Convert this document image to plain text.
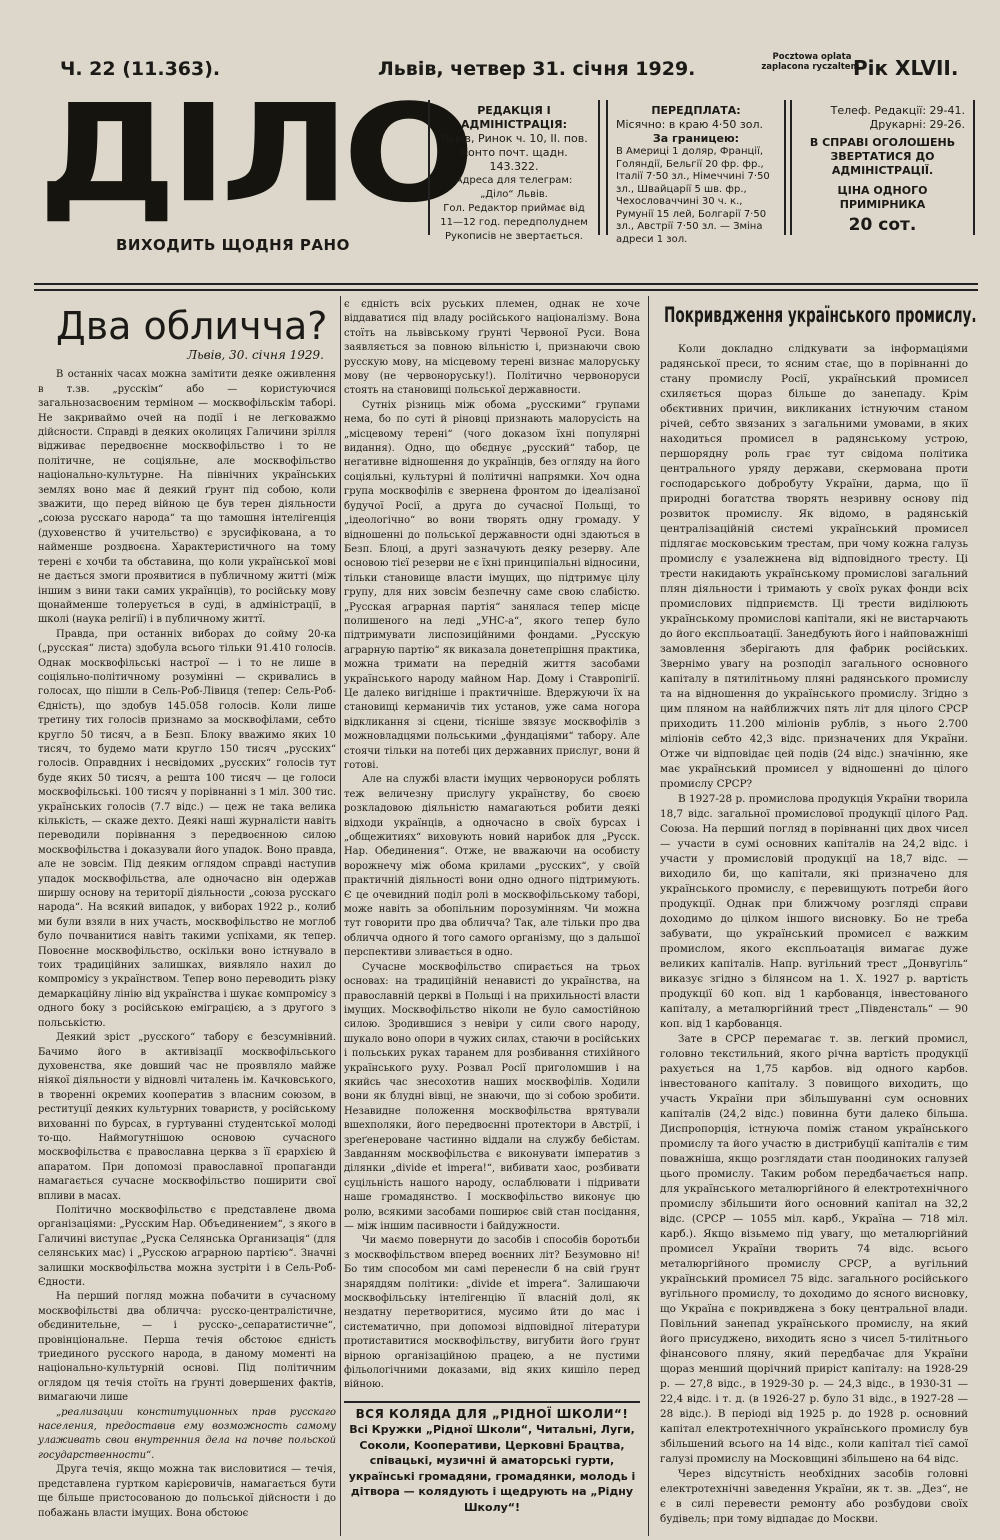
Ч. 22 (11.363).	Львів, четвер 31. січня 1929.
Pocztowa oplata zaplacona ryczaltem.
Рік XLVII.
ДІЛО
ВИХОДИТЬ ЩОДНЯ РАНО
РЕДАКЦІЯ І АДМІНІСТРАЦІЯ:
Львів, Ринок ч. 10, II. пов.
Конто почт. щадн. 143.322.
Адреса для телеграм: „Діло“ Львів.
Гол. Редактор приймає від 11—12 год. передполуднем
Рукописів не звертається.
ПЕРЕДПЛАТА:
Місячно: в краю 4·50 зол.
За границею:
В Америці 1 доляр, Франції, Голяндії, Бельгії 20 фр. фр., Італії 7·50 зл., Німеччині 7·50 зл., Швайцарії 5 шв. фр., Чехословаччині 30 ч. к., Румунії 15 лей, Болгарії 7·50 зл., Австрії 7·50 зл. — Зміна адреси 1 зол.
Телеф. Редакції: 29-41.
Друкарні: 29-26.
В СПРАВІ ОГОЛОШЕНЬ ЗВЕРТАТИСЯ ДО АДМІНІСТРАЦІЇ.
ЦІНА ОДНОГО ПРИМІРНИКА
20 сот.
Два обличча?
Львів, 30. січня 1929.

В останніх часах можна замітити деяке оживлення в т.зв. „русскім“ або — користуючися загальнозасвоєним терміном — москвофільскім таборі. Не закриваймо очей на події і не легковажмо дійсности. Справді в деяких околицях Галичини зрілля відживає передвоєнне москвофільство і то не політичне, не соціяльне, але москвофільство національно-культурне. На північних українських землях воно має й деякий ґрунт під собою, коли зважити, що перед війною це був терен діяльности „союза русскаго народа“ та що тамошня інтелігенція (духовенство й учительство) є зрусифікована, а то найменше роздвоєна. Характеристичного на тому терені є хочби та обставина, що коли української мові не дається змоги проявитися в публичному житті (між іншим з вини таки самих українців), то російську мову щонайменше толерується в суді, в адміністрації, в школі (наука релігії) і в публичному життї.

Правда, при останніх виборах до сойму 20-ка („русская“ листа) здобула всього тільки 91.410 голосів. Однак москвофільські настрої — і то не лише в соціяльно-політичному розумінні — скривались в голосах, що пішли в Сель-Роб-Лівиця (тепер: Сель-Роб-Єдність), що здобув 145.058 голосів. Коли лише третину тих голосів признамо за москвофілами, себто круглo 50 тисяч, а в Безп. Блоку вважимо яких 10 тисяч, то будемо мати круглo 150 тисяч „русских“ голосів. Оправдних і несвідомих „русских“ голосів тут буде яких 50 тисяч, а решта 100 тисяч — це голоси москвофільські. 100 тисяч у порівнанні з 1 міл. 300 тис. українських голосів (7.7 відс.) — цеж не така велика кількість, — скаже дехто. Деякі наші журналісти навіть переводили порівнання з передвоєнною силою москвофільства і доказували його упадок. Воно правда, але не зовсім. Під деяким оглядом справді наступив упадок москвофільства, але одночасно він одержав ширшу основу на території діяльности „союза русскаго народа“. На всякий випадок, у виборах 1922 р., колиб ми були взяли в них участь, москвофільство не моглоб було почванитися навіть такими успіхами, як тепер. Повоєнне москвофільство, оскільки воно істнувало в тоих традиційних залишках, виявляло нахил до компромісу з українством. Тепер воно переводить різку демаркаційну лінію від українства і шукає компромісу з одного боку з російською еміграцією, а з другого з польськістю.

Деякий зріст „русского“ табору є безсумнівний. Бачимо його в активізації москвофільського духовенства, яке довший час не проявляло майже ніякої діяльности у відновлі читалень ім. Качковського, в творенні окремих кооператив з власним союзом, в реституції деяких культурних товариств, у російському вихованні по бурсах, в гуртуванні студентської молоді то-що. Наймогутнішою основою сучасного москвофільства є православна церква з її єрархією й апаратом. При допомозі православної пропаганди намагається сучасне москвофільство поширити свої впливи в масах.

Політично москвофільство є представлене двома організаціями: „Русским Нар. Объединением“, з якого в Галичині виступає „Руска Селянська Организація“ (для селянських мас) і „Русскою аграрною партією“. Значні залишки москвофільства можна зустріти і в Сель-Роб-Єдности.

На перший погляд можна побачити в сучасному москвофільстві два обличча: русско-централістичне, обєдинительне, — і русско-„сепаратистичне“, провінціональне. Перша течія обстоює єдність триединого русского народа, в даному моменті на національно-культурній основі. Під політичним оглядом ця течія стоїть на ґрунті довершених фактів, вимагаючи лише

„реализации конституционных прав русскаго населения, предоставив ему возможность самому улаживать свои внутренния дела на почве польской государственности“.

Друга течія, якщо можна так висловитися — течія, представлена гуртком карієровичів, намагається бути ще більше пристосованою до польської дійсности і до побажань власти імущих. Вона обстоює

є єдність всіх руських племен, однак не хоче віддаватися під владу російського націоналізму. Вона стоїть на львівському ґрунті Червоної Руси. Вона заявляється за повною вільністю і, признаючи свою русскую мову, на місцевому терені визнає малоруську мову (не червоноруську!). Політично червоноруси стоять на становищі польської державности.

Сутніх різниць між обома „русскими“ групами нема, бо по суті й ріновці признають малорусість на „місцевому терені“ (чого доказом їхні популярні видання). Одно, що обєднує „русский“ табор, це негативне відношення до українців, без огляду на його соціяльні, культурні й політичні напрямки. Хоч одна група москвофілів є звернена фронтом до ідеалізаної будучої Росії, а друга до сучасної Польщі, то „ідеологічно“ во вони творять одну громаду. У відношенні до польської державности одні здаються в Безп. Блоці, а другі зазначують деяку резерву. Але основою тієї резерви не є їхні принципіальні відносини, тільки становище власти імущих, що підтримує цілу групу, для них зовсім безпечну саме свою слабістю. „Русская аграрная партія“ занялася тепер місце полишеного на леді „УНС-а“, якого тепер було підтримувати лиспозиційними фондами. „Русскую аграрную партію“ як виказала донетепрішня практика, можна тримати на передній життя засобами українського народу майном Нар. Дому і Ставропігії. Це далеко вигідніше і практичніше. Вдержуючи їх на становищі керманичів тих установ, уже сама ногора відкликання зі сцени, тісніше звязує москвофілів з можновладцями польськими „фундаціями“ табору. Але стоячи тільки на потебі цих державних прислуг, вони й готові.

Але на службі власти імущих червоноруси роблять теж величезну прислугу українству, бо своєю розкладовою діяльністю намагаються робити деякі відходи українців, а одночасно в своїх бурсах і „общежитиях“ виховують новий нарибок для „Русск. Нар. Обединения“. Отже, не вважаючи на особисту ворожнечу між обома крилами „русских“, у своїй практичній діяльності вони одно одного підтримують. Є це очевидний поділ ролі в москвофільському таборі, може навіть за обопільним порозумінням. Чи можна тут говорити про два обличча? Так, але тільки про два обличча одного й того самого організму, що з дальшої перспективи зливається в одно.

Сучасне москвофільство спирається на трьох основах: на традиційній ненависті до українства, на православній церкві в Польщі і на прихильності власти імущих. Москвофільство ніколи не було самостійною силою. Зродившися з невіри у сили свого народу, шукало воно опори в чужих силах, стаючи в російських і польських руках таранем для розбивання стихійного українського руху. Розвал Росії приголомшив і на якийсь час знесохотив наших москвофілів. Ходили вони як блудні вівці, не знаючи, що зі собою зробити. Незавидне положення москвофільства врятували вшехполяки, його передвоєнні протектори в Австрії, і зреґенероване частинно віддали на службу бебістам. Завданням москвофільства є виконувати імператив з ділянки „divide et impera!“, вибивати хаос, розбивати суцільність нашого народу, ослаблювати і підривати наше громадянство. І москвофільство виконує цю ролю, всякими засобами поширює свій стан посідання, — між іншим пасивности і байдужности.

Чи маємо повернути до засобів і способів боротьби з москвофільством вперед воєнних літ? Безумовно ні! Бо тим способом ми самі перенесли б на свій ґрунт знаряддям політики: „divide et impera“. Залишаючи москвофільську інтелігенцію її власній долі, як нездатну перетворитися, мусимо йти до мас і систематично, при допомозі відповідної літератури протиставитися москвофільству, вигубити його ґрунт вірною організаційною працею, а не пустими фільологічними доказами, від яких кишіло перед війною.

ВСЯ КОЛЯДА ДЛЯ „РІДНОЇ ШКОЛИ“!
Всі Кружки „Рідної Школи“, Читальні, Луги, Соколи, Кооперативи, Церковні Брацтва, співацькі, музичні й аматорські гурти, українські громадяни, громадянки, молодь і дітвора — колядують і щедрують на „Рідну Школу“!
Покривдження українського промислу.

Коли докладно слідкувати за інформаціями радянської преси, то ясним стає, що в порівнанні до стану промислу Росії, український промисел схиляється щораз більше до занепаду. Крім обєктивних причин, викликаних істнуючим станом річей, себто звязаних з загальними умовами, в яких находиться промисел в радянському устрою, першорядну роль грає тут свідома політика центрального уряду держави, скермована проти господарського добробуту України, дарма, що її природні богатства творять незривну основу під розвиток промислу. Як відомо, в радянській централізаційній системі український промисел підлягає московським трестам, при чому кожна галузь промислу є узалежнена від відповідного тресту. Ці трести накидають українському промислові загальний плян діяльности і тримають у своїх руках фонди всіх промислових підприємств. Ці трести виділюють українському промислові капітали, які не вистарчають до його експльоатації. Занедбують його і найповажніші замовлення зберігають для фабрик російських. Звернімо увагу на розподіл загального основного капіталу в пятилітньому пляні радянського промислу та на відношення до українського промислу. Згідно з цим пляном на найближчих пять літ для цілого СРСР приходить 11.200 міліонів рублів, з нього 2.700 міліонів себто 42,3 відс. призначених для України. Отже чи відповідає цей подів (24 відс.) значінню, яке має український промисел у відношенні до цілого промислу СРСР?

В 1927-28 р. промислова продукція України творила 18,7 відс. загальної промислової продукції цілого Рад. Союза. На перший погляд в порівнанні цих двох чисел — участи в сумі основних капіталів на 24,2 відс. і участи у промисловій продукції на 18,7 відс. — виходило би, що капітали, які призначено для українського промислу, є перевищують потреби його продукції. Однак при ближчому розгляді справи доходимо до цілком іншого висновку. Бо не треба забувати, що український промисел є важким промислом, якого експльоатація вимагає дуже великих капіталів. Напр. вугільний трест „Донвугіль“ виказує згідно з білянсом на 1. Х. 1927 р. вартість продукції 60 коп. від 1 карбованця, інвестованого капіталу, а металюргійний трест „Південсталь“ — 90 коп. від 1 карбованця.

Зате в СРСР перемагає т. зв. легкий промисл, головно текстильний, якого річна вартість продукції рахується на 1,75 карбов. від одного карбов. інвестованого капіталу. З повищого виходить, що участь України при збільшуванні сум основних капіталів (24,2 відс.) повинна бути далеко більша. Диспропорція, істнуюча поміж станом українського промислу та його участю в дистрибуції капіталів є тим поважніша, якщо розглядати стан поодиноких галузей цього промислу. Таким робом передбачається напр. для українського металюргійного й електротехнічного промислу збільшити його основний капітал на 32,2 відс. (СРСР — 1055 міл. карб., Україна — 718 міл. карб.). Якщо візьмемо під увагу, що металюргійний промисел України творить 74 відс. всього металюргійного промислу СРСР, а вугільний український промисел 75 відс. загального російського вугільного промислу, то доходимо до ясного висновку, що Україна є покривджена з боку центральної влади. Повільний занепад українського промислу, на який його присуджено, виходить ясно з чисел 5-тилітнього фінансового пляну, який передбачає для України щораз менший щорічний приріст капіталу: на 1928-29 р. — 27,8 відс., в 1929-30 р. — 24,3 відс., в 1930-31 — 22,4 відс. і т. д. (в 1926-27 р. було 31 відс., в 1927-28 — 28 відс.). В періоді від 1925 р. до 1928 р. основний капітал електротехнічного українського промислу був збільшений всього на 14 відс., коли капітал тієї самої галузі промислу на Московщині збільшено на 64 відс.

Через відсутність необхідних засобів головні електротехнічні заведення України, як т. зв. „Дез“, не є в силі перевести ремонту або розбудови своїх будівель; при тому відпадає до Москви.
